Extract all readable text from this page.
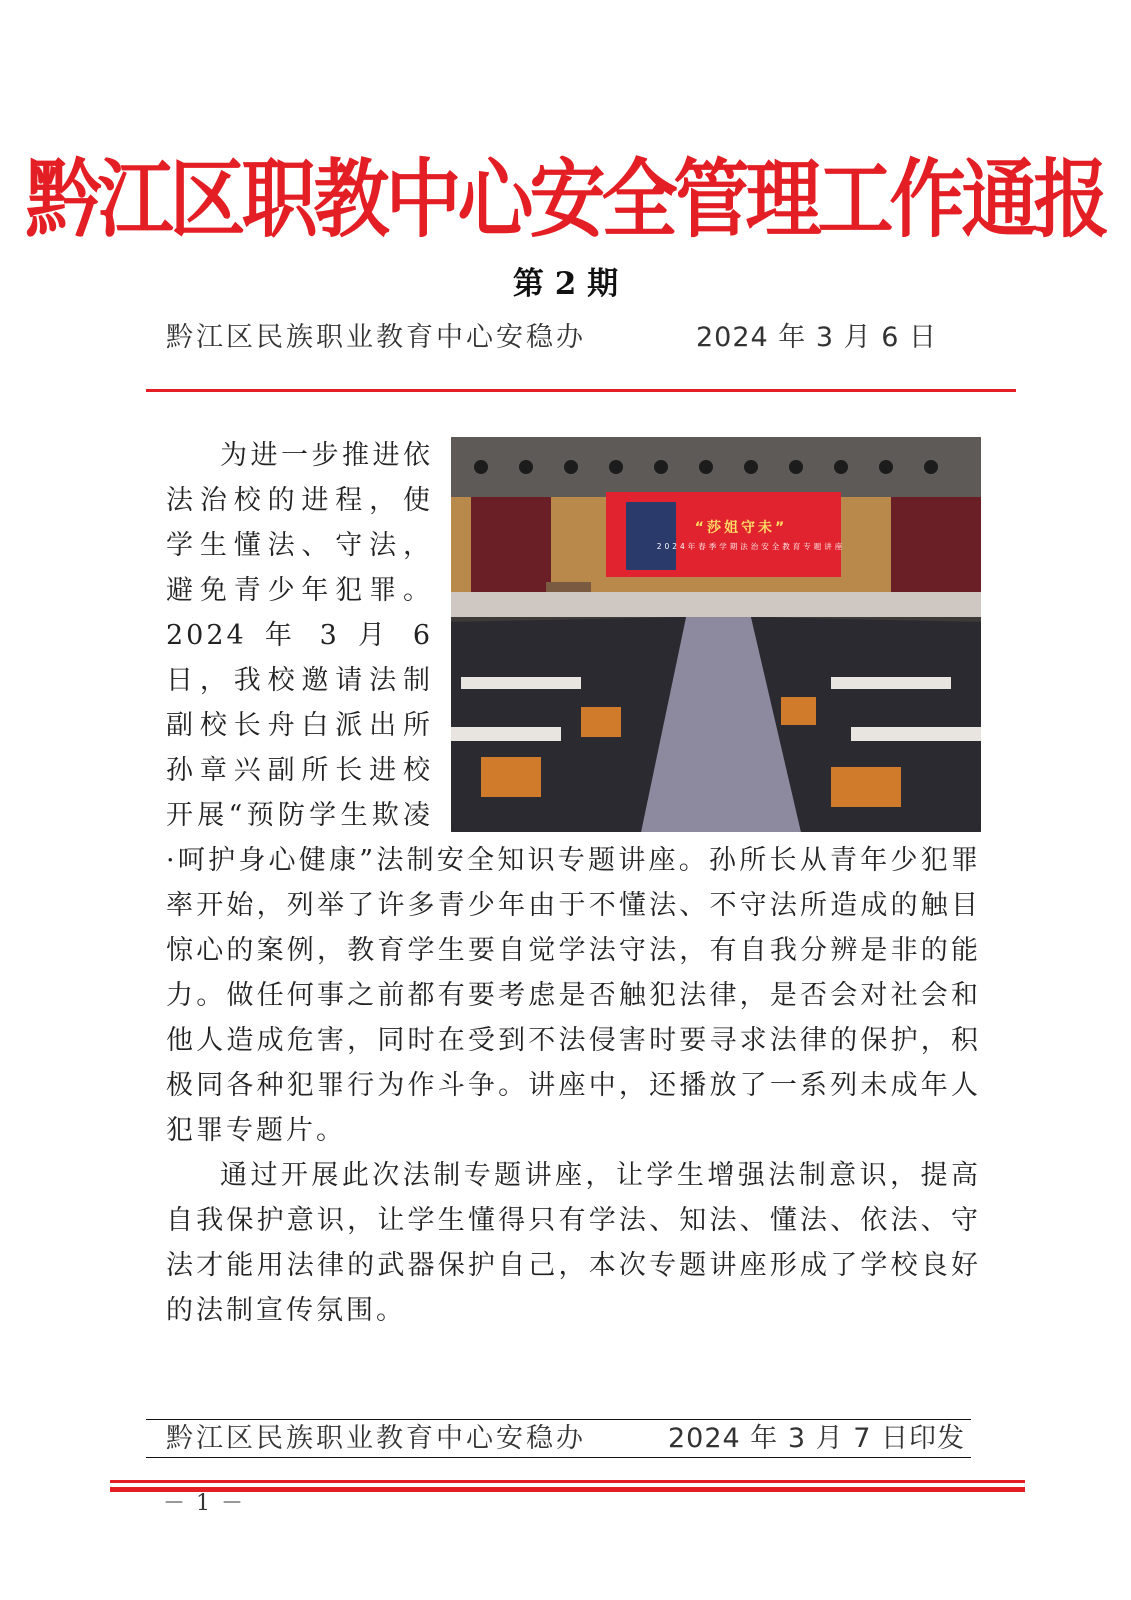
黔江区职教中心安全管理工作通报
第 2 期
黔江区民族职业教育中心安稳办	2024 年 3 月 6 日
“莎姐守未”
2024年春季学期法治安全教育专题讲座

为进一步推进依法治校的进程，使学生懂法、守法，避免青少年犯罪。2024 年 3 月 6 日，我校邀请法制副校长舟白派出所孙章兴副所长进校开展“预防学生欺凌·呵护身心健康”法制安全知识专题讲座。孙所长从青年少犯罪率开始，列举了许多青少年由于不懂法、不守法所造成的触目惊心的案例，教育学生要自觉学法守法，有自我分辨是非的能力。做任何事之前都有要考虑是否触犯法律，是否会对社会和他人造成危害，同时在受到不法侵害时要寻求法律的保护，积极同各种犯罪行为作斗争。讲座中，还播放了一系列未成年人犯罪专题片。

通过开展此次法制专题讲座，让学生增强法制意识，提高自我保护意识，让学生懂得只有学法、知法、懂法、依法、守法才能用法律的武器保护自己，本次专题讲座形成了学校良好的法制宣传氛围。

黔江区民族职业教育中心安稳办	2024 年 3 月 7 日印发
－ 1 －
